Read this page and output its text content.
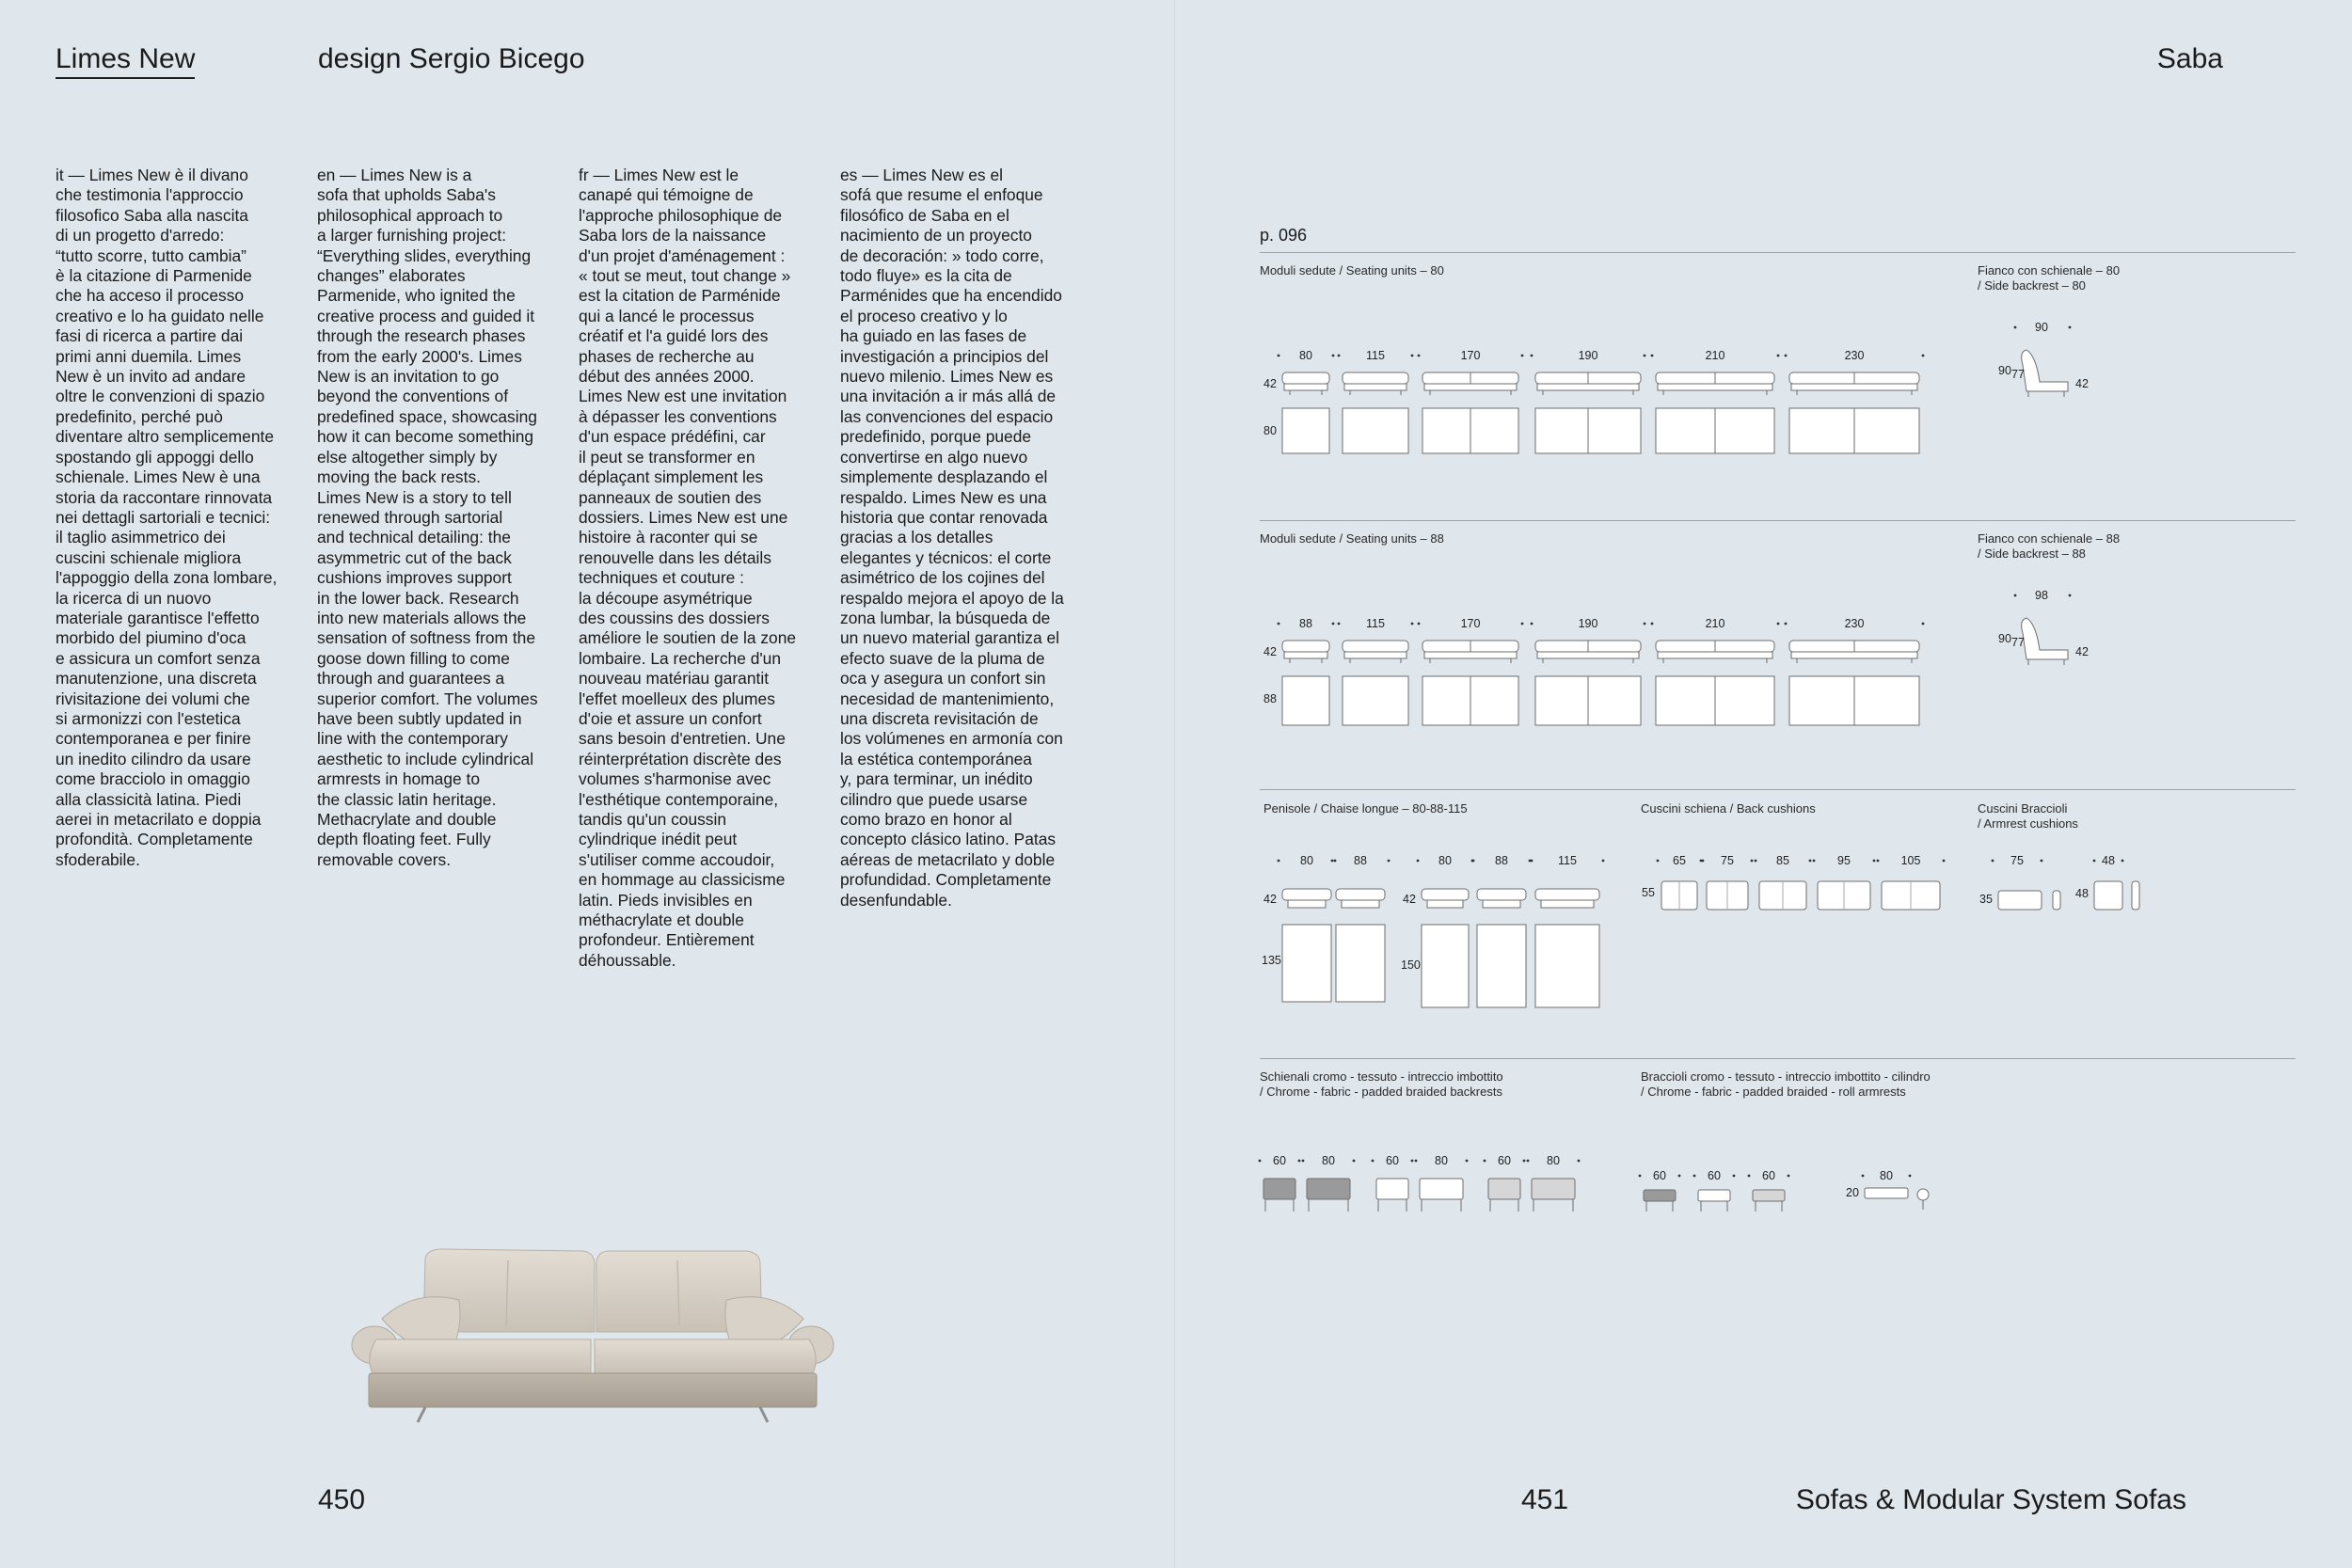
Limes New	design Sergio Bicego	Saba

it — Limes New è il divano
che testimonia l'approccio
filosofico Saba alla nascita
di un progetto d'arredo:
“tutto scorre, tutto cambia”
è la citazione di Parmenide
che ha acceso il processo
creativo e lo ha guidato nelle
fasi di ricerca a partire dai
primi anni duemila. Limes
New è un invito ad andare
oltre le convenzioni di spazio
predefinito, perché può
diventare altro semplicemente
spostando gli appoggi dello
schienale. Limes New è una
storia da raccontare rinnovata
nei dettagli sartoriali e tecnici:
il taglio asimmetrico dei
cuscini schienale migliora
l'appoggio della zona lombare,
la ricerca di un nuovo
materiale garantisce l'effetto
morbido del piumino d'oca
e assicura un comfort senza
manutenzione, una discreta
rivisitazione dei volumi che
si armonizzi con l'estetica
contemporanea e per finire
un inedito cilindro da usare
come bracciolo in omaggio
alla classicità latina. Piedi
aerei in metacrilato e doppia
profondità. Completamente
sfoderabile.

en — Limes New is a
sofa that upholds Saba's
philosophical approach to
a larger furnishing project:
“Everything slides, everything
changes” elaborates
Parmenide, who ignited the
creative process and guided it
through the research phases
from the early 2000's. Limes
New is an invitation to go
beyond the conventions of
predefined space, showcasing
how it can become something
else altogether simply by
moving the back rests.
Limes New is a story to tell
renewed through sartorial
and technical detailing: the
asymmetric cut of the back
cushions improves support
in the lower back. Research
into new materials allows the
sensation of softness from the
goose down filling to come
through and guarantees a
superior comfort. The volumes
have been subtly updated in
line with the contemporary
aesthetic to include cylindrical
armrests in homage to
the classic latin heritage.
Methacrylate and double
depth floating feet. Fully
removable covers.

fr — Limes New est le
canapé qui témoigne de
l'approche philosophique de
Saba lors de la naissance
d'un projet d'aménagement :
« tout se meut, tout change »
est la citation de Parménide
qui a lancé le processus
créatif et l'a guidé lors des
phases de recherche au
début des années 2000.
Limes New est une invitation
à dépasser les conventions
d'un espace prédéfini, car
il peut se transformer en
déplaçant simplement les
panneaux de soutien des
dossiers. Limes New est une
histoire à raconter qui se
renouvelle dans les détails
techniques et couture :
la découpe asymétrique
des coussins des dossiers
améliore le soutien de la zone
lombaire. La recherche d'un
nouveau matériau garantit
l'effet moelleux des plumes
d'oie et assure un confort
sans besoin d'entretien. Une
réinterprétation discrète des
volumes s'harmonise avec
l'esthétique contemporaine,
tandis qu'un coussin
cylindrique inédit peut
s'utiliser comme accoudoir,
en hommage au classicisme
latin. Pieds invisibles en
méthacrylate et double
profondeur. Entièrement
déhoussable.

es — Limes New es el
sofá que resume el enfoque
filosófico de Saba en el
nacimiento de un proyecto
de decoración: » todo corre,
todo fluye» es la cita de
Parménides que ha encendido
el proceso creativo y lo
ha guiado en las fases de
investigación a principios del
nuevo milenio. Limes New es
una invitación a ir más allá de
las convenciones del espacio
predefinido, porque puede
convertirse en algo nuevo
simplemente desplazando el
respaldo. Limes New es una
historia que contar renovada
gracias a los detalles
elegantes y técnicos: el corte
asimétrico de los cojines del
respaldo mejora el apoyo de la
zona lumbar, la búsqueda de
un nuevo material garantiza el
efecto suave de la pluma de
oca y asegura un confort sin
necesidad de mantenimiento,
una discreta revisitación de
los volúmenes en armonía con
la estética contemporánea
y, para terminar, un inédito
cilindro que puede usarse
como brazo en honor al
concepto clásico latino. Patas
aéreas de metacrilato y doble
profundidad. Completamente
desenfundable.

450	451	Sofas & Modular System Sofas
p. 096
Moduli sedute / Seating units – 80	Fianco con schienale – 80
/ Side backrest – 80
Moduli sedute / Seating units – 88	Fianco con schienale – 88
/ Side backrest – 88
Penisole / Chaise longue – 80-88-115	Cuscini schiena / Back cushions	Cuscini Braccioli
/ Armrest cushions
Schienali cromo - tessuto - intreccio imbottito
/ Chrome - fabric - padded braided backrests
Braccioli cromo - tessuto - intreccio imbottito - cilindro
/ Chrome - fabric - padded braided - roll armrests
80	115	170	190	210	230
42
80
90
90 77
42
88	115	170	190	210	230
42
88
98
90 77
42
80	88
42
135
80	88	115
42
150
65	75	85	95	105
55
75
35
48
48
60	80	60	80	60	80
60	60	60	80
20
